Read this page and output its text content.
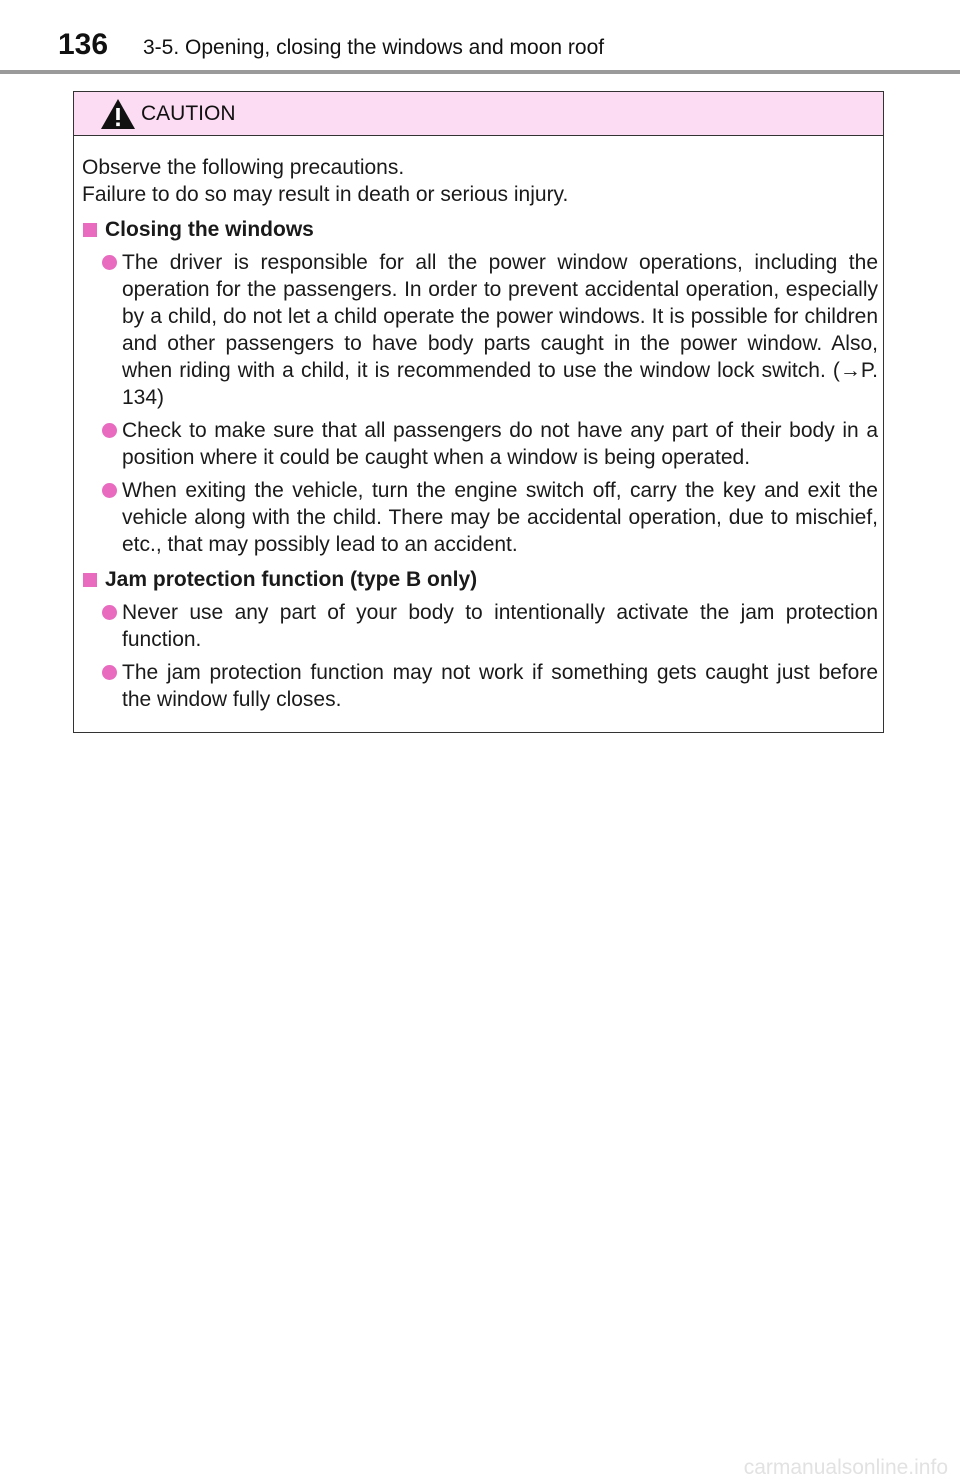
136 3-5. Opening, closing the windows and moon roof
CAUTION

Observe the following precautions.

Failure to do so may result in death or serious injury.

Closing the windows
The driver is responsible for all the power window operations, including the operation for the passengers. In order to prevent accidental operation, especially by a child, do not let a child operate the power windows. It is possible for children and other passengers to have body parts caught in the power window. Also, when riding with a child, it is recommended to use the window lock switch. (→P. 134)
Check to make sure that all passengers do not have any part of their body in a position where it could be caught when a window is being operated.
When exiting the vehicle, turn the engine switch off, carry the key and exit the vehicle along with the child. There may be accidental operation, due to mischief, etc., that may possibly lead to an accident.
Jam protection function (type B only)
Never use any part of your body to intentionally activate the jam protection function.
The jam protection function may not work if something gets caught just before the window fully closes.
carmanualsonline.info
